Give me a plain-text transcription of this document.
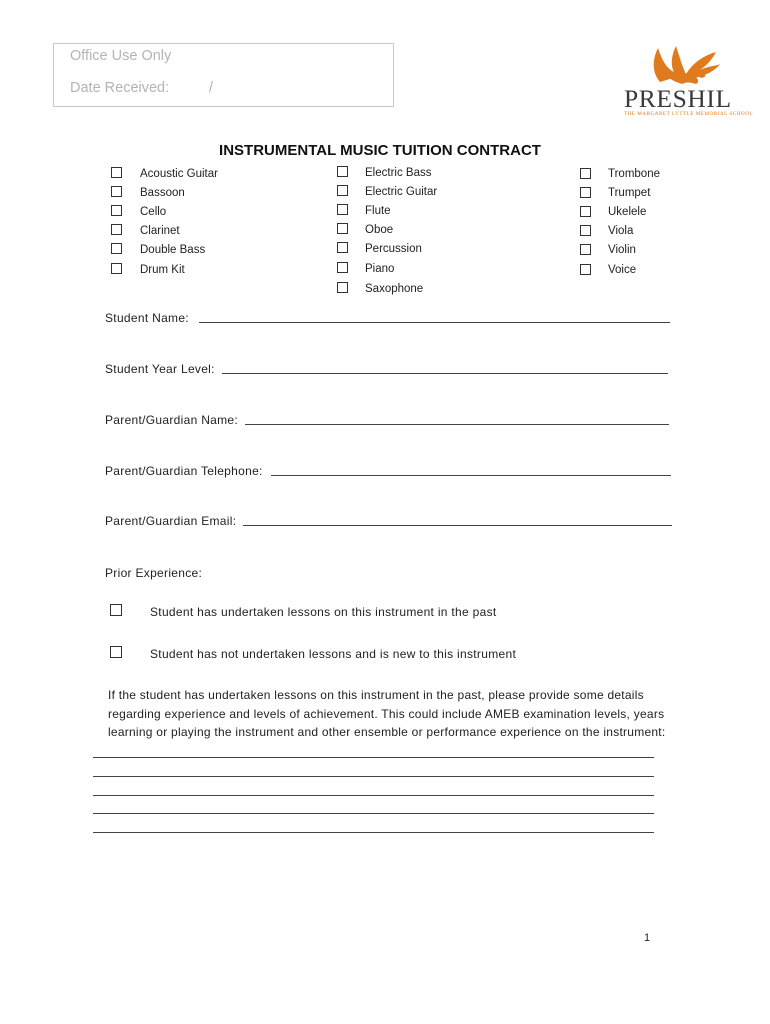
Office Use Only
Date Received:	/	PRESHIL
THE MARGARET LYTTLE MEMORIAL SCHOOL
INSTRUMENTAL MUSIC TUITION CONTRACT
Acoustic Guitar
Bassoon
Cello
Clarinet
Double Bass
Drum Kit
Electric Bass
Electric Guitar
Flute
Oboe
Percussion
Piano
Saxophone
Trombone
Trumpet
Ukelele
Viola
Violin
Voice
Student Name:
Student Year Level:
Parent/Guardian Name:
Parent/Guardian Telephone:
Parent/Guardian Email:
Prior Experience:
Student has undertaken lessons on this instrument in the past
Student has not undertaken lessons and is new to this instrument
If the student has undertaken lessons on this instrument in the past, please provide some details
regarding experience and levels of achievement. This could include AMEB examination levels, years
learning or playing the instrument and other ensemble or performance experience on the instrument:
1
